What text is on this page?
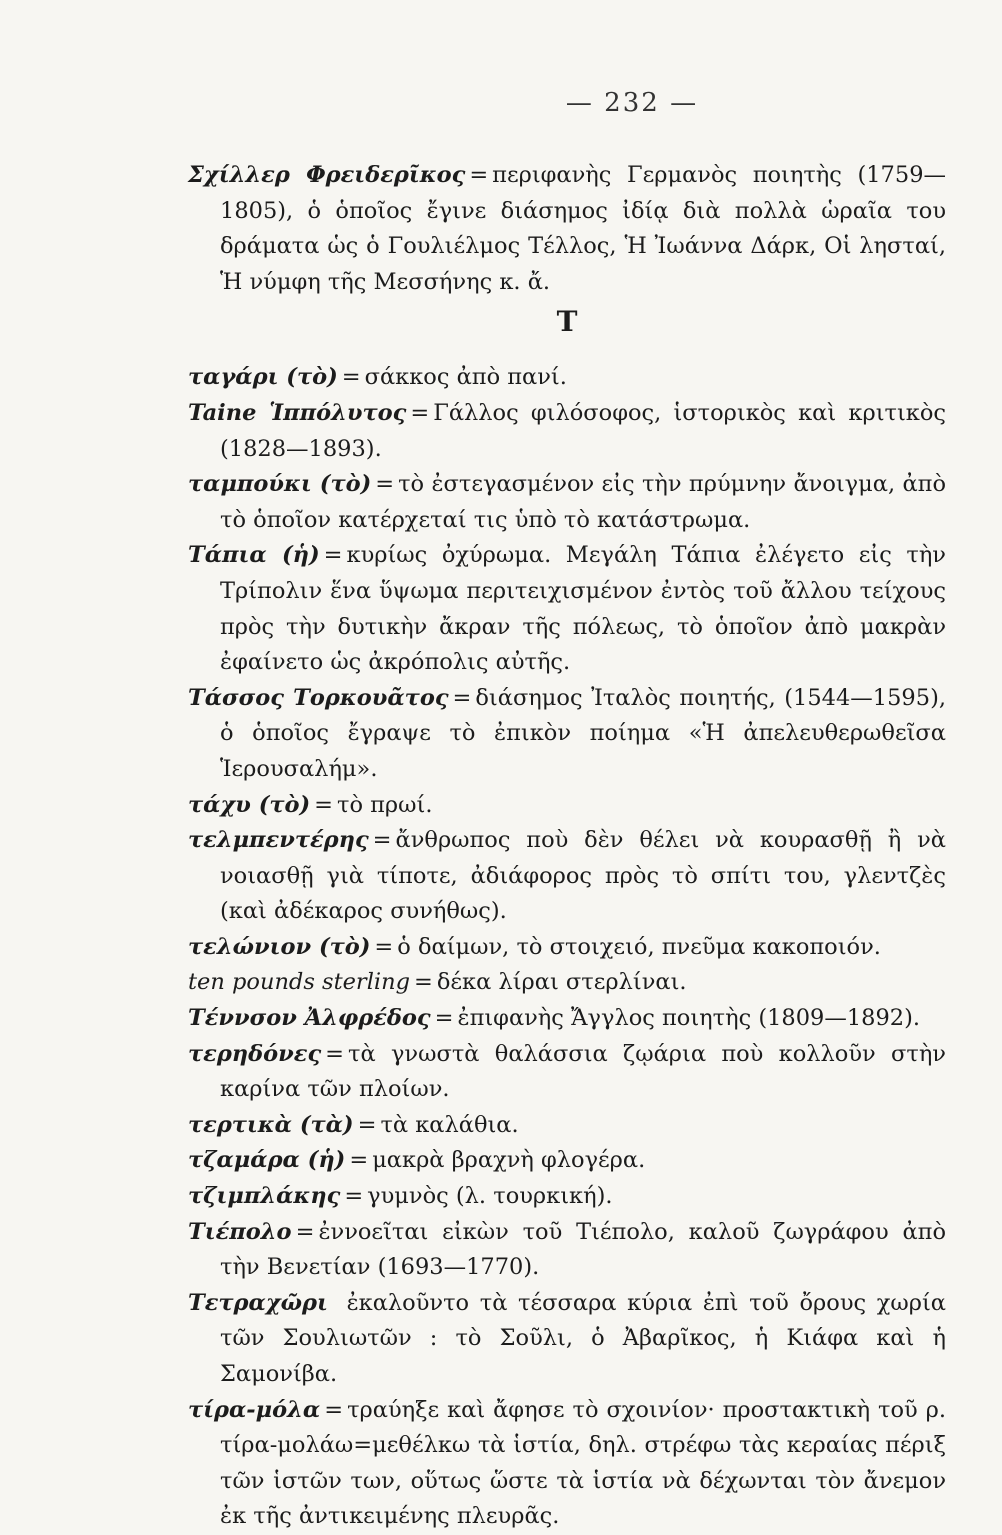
— 232 —

Σχίλλερ Φρειδερῖκος = περιφανὴς Γερμανὸς ποιητὴς (1759—1805), ὁ ὁποῖος ἔγινε διάσημος ἰδίᾳ διὰ πολλὰ ὡραῖα του δράματα ὡς ὁ Γουλιέλμος Τέλλος, Ἡ Ἰωάννα Δάρκ, Οἱ λησταί, Ἡ νύμφη τῆς Μεσσήνης κ. ἄ.

T

ταγάρι (τὸ) = σάκκος ἀπὸ πανί.

Taine Ἱππόλυτος = Γάλλος φιλόσοφος, ἱστορικὸς καὶ κριτικὸς (1828—1893).

ταμπούκι (τὸ) = τὸ ἐστεγασμένον εἰς τὴν πρύμνην ἄνοιγμα, ἀπὸ τὸ ὁποῖον κατέρχεταί τις ὑπὸ τὸ κατάστρωμα.

Τάπια (ἡ) = κυρίως ὀχύρωμα. Μεγάλη Τάπια ἐλέγετο εἰς τὴν Τρίπολιν ἕνα ὕψωμα περιτειχισμένον ἐντὸς τοῦ ἄλλου τείχους πρὸς τὴν δυτικὴν ἄκραν τῆς πόλεως, τὸ ὁποῖον ἀπὸ μακρὰν ἐφαίνετο ὡς ἀκρόπολις αὐτῆς.

Τάσσος Τορκουᾶτος = διάσημος Ἰταλὸς ποιητής, (1544—1595), ὁ ὁποῖος ἔγραψε τὸ ἐπικὸν ποίημα «Ἡ ἀπελευθερωθεῖσα Ἱερουσαλήμ».

τάχυ (τὸ) = τὸ πρωί.

τελμπεντέρης = ἄνθρωπος ποὺ δὲν θέλει νὰ κουρασθῇ ἢ νὰ νοιασθῇ γιὰ τίποτε, ἀδιάφορος πρὸς τὸ σπίτι του, γλεντζὲς (καὶ ἀδέκαρος συνήθως).

τελώνιον (τὸ) = ὁ δαίμων, τὸ στοιχειό, πνεῦμα κακοποιόν.

ten pounds sterling = δέκα λίραι στερλίναι.

Τέννσον Ἀλφρέδος = ἐπιφανὴς Ἄγγλος ποιητὴς (1809—1892).

τερηδόνες = τὰ γνωστὰ θαλάσσια ζῳάρια ποὺ κολλοῦν στὴν καρίνα τῶν πλοίων.

τερτικὰ (τὰ) = τὰ καλάθια.

τζαμάρα (ἡ) = μακρὰ βραχνὴ φλογέρα.

τζιμπλάκης = γυμνὸς (λ. τουρκική).

Τιέπολο = ἐννοεῖται εἰκὼν τοῦ Τιέπολο, καλοῦ ζωγράφου ἀπὸ τὴν Βενετίαν (1693—1770).

Τετραχῶρι ἐκαλοῦντο τὰ τέσσαρα κύρια ἐπὶ τοῦ ὄρους χωρία τῶν Σουλιωτῶν : τὸ Σοῦλι, ὁ Ἀβαρῖκος, ἡ Κιάφα καὶ ἡ Σαμονίβα.

τίρα-μόλα = τραύηξε καὶ ἄφησε τὸ σχοινίον· προστακτικὴ τοῦ ρ. τίρα-μολάω=μεθέλκω τὰ ἱστία, δηλ. στρέφω τὰς κεραίας πέριξ τῶν ἱστῶν των, οὕτως ὥστε τὰ ἱστία νὰ δέχωνται τὸν ἄνεμον ἐκ τῆς ἀντικειμένης πλευρᾶς.
